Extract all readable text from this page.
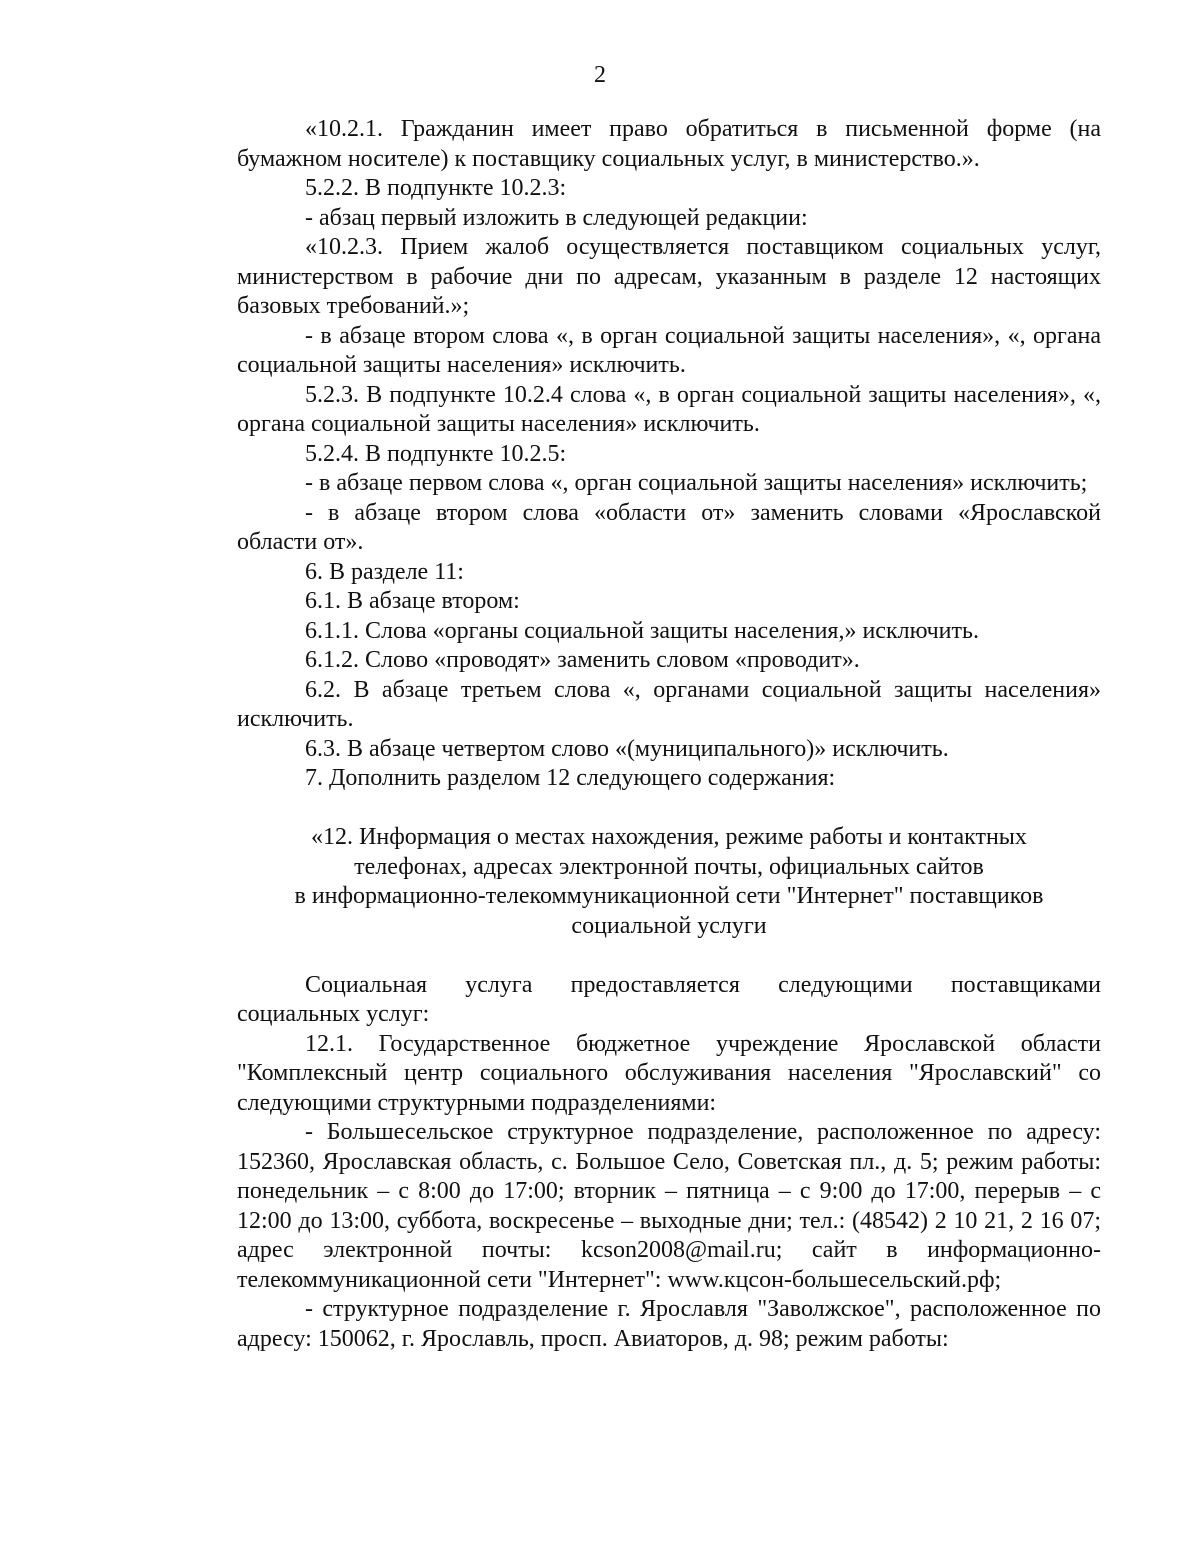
2

«10.2.1. Гражданин имеет право обратиться в письменной форме (на бумажном носителе) к поставщику социальных услуг, в министерство.».

5.2.2. В подпункте 10.2.3:

- абзац первый изложить в следующей редакции:

«10.2.3. Прием жалоб осуществляется поставщиком социальных услуг, министерством в рабочие дни по адресам, указанным в разделе 12 настоящих базовых требований.»;

- в абзаце втором слова «, в орган социальной защиты населения», «, органа социальной защиты населения» исключить.

5.2.3. В подпункте 10.2.4 слова «, в орган социальной защиты населения», «, органа социальной защиты населения» исключить.

5.2.4. В подпункте 10.2.5:

- в абзаце первом слова «, орган социальной защиты населения» исключить;

- в абзаце втором слова «области от» заменить словами «Ярославской области от».

6. В разделе 11:

6.1. В абзаце втором:

6.1.1. Слова «органы социальной защиты населения,» исключить.

6.1.2. Слово «проводят» заменить словом «проводит».

6.2. В абзаце третьем слова «, органами социальной защиты населения» исключить.

6.3. В абзаце четвертом слово «(муниципального)» исключить.

7. Дополнить разделом 12 следующего содержания:

«12. Информация о местах нахождения, режиме работы и контактных

телефонах, адресах электронной почты, официальных сайтов

в информационно-телекоммуникационной сети "Интернет" поставщиков

социальной услуги

Социальная услуга предоставляется следующими поставщиками социальных услуг:

12.1. Государственное бюджетное учреждение Ярославской области "Комплексный центр социального обслуживания населения "Ярославский" со следующими структурными подразделениями:

- Большесельское структурное подразделение, расположенное по адресу: 152360, Ярославская область, с. Большое Село, Советская пл., д. 5; режим работы: понедельник – с 8:00 до 17:00; вторник – пятница – с 9:00 до 17:00, перерыв – с 12:00 до 13:00, суббота, воскресенье – выходные дни; тел.: (48542) 2 10 21, 2 16 07; адрес электронной почты: kcson2008@mail.ru; сайт в информационно-телекоммуникационной сети "Интернет": www.кцсон-большесельский.рф;

- структурное подразделение г. Ярославля "Заволжское", расположенное по адресу: 150062, г. Ярославль, просп. Авиаторов, д. 98; режим работы:
